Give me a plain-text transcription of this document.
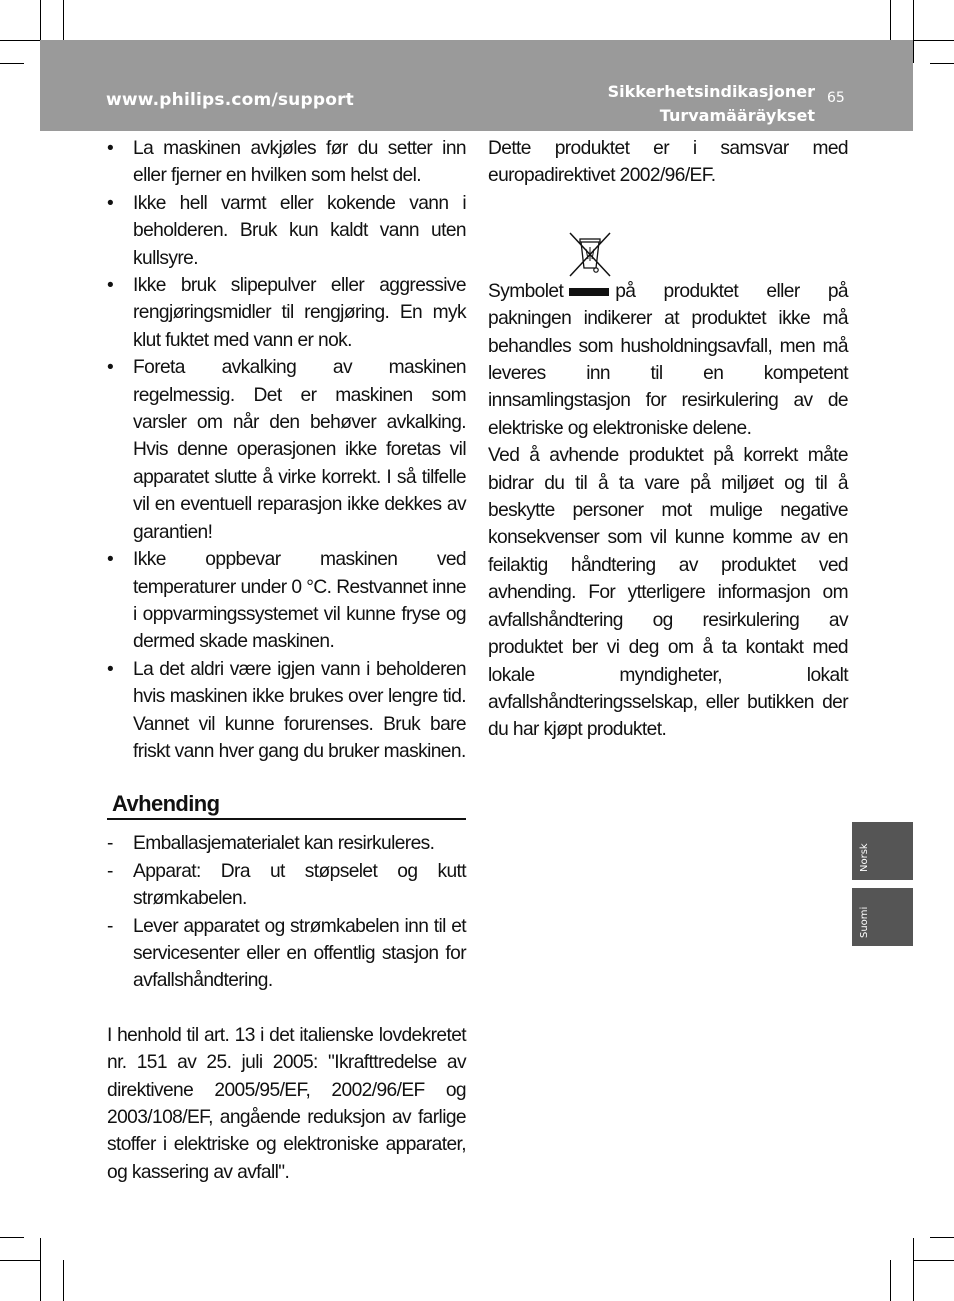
www.philips.com/support	Sikkerhetsindikasjoner
Turvamääräykset
65
• La maskinen avkjøles før du setter inn eller fjerner en hvilken som helst del.
• Ikke hell varmt eller kokende vann i beholderen. Bruk kun kaldt vann uten kullsyre.
• Ikke bruk slipepulver eller aggressive rengjøringsmidler til rengjøring. En myk klut fuktet med vann er nok.
• Foreta avkalking av maskinen regelmessig. Det er maskinen som varsler om når den behøver avkalking. Hvis denne operasjonen ikke foretas vil apparatet slutte å virke korrekt. I så tilfelle vil en eventuell reparasjon ikke dekkes av garantien!
• Ikke oppbevar maskinen ved temperaturer under 0 °C. Restvannet inne i oppvarmingssystemet vil kunne fryse og dermed skade maskinen.
• La det aldri være igjen vann i beholderen hvis maskinen ikke brukes over lengre tid. Vannet vil kunne forurenses. Bruk bare friskt vann hver gang du bruker maskinen.
Avhending
- Emballasjematerialet kan resirkuleres.
- Apparat: Dra ut støpselet og kutt strømkabelen.
- Lever apparatet og strømkabelen inn til et servicesenter eller en offentlig stasjon for avfallshåndtering.

I henhold til art. 13 i det italienske lovdekretet nr. 151 av 25. juli 2005: "Ikrafttredelse av direktivene 2005/95/EF, 2002/96/EF og 2003/108/EF, angående reduksjon av farlige stoffer i elektriske og elektroniske apparater, og kassering av avfall".

Dette produktet er i samsvar med europadirektivet 2002/96/EF.

Symbolet	på produktet eller på pakningen indikerer at produktet ikke må behandles som husholdningsavfall, men må leveres inn til en kompetent innsamlingstasjon for resirkulering av de elektriske og elektroniske delene.

Ved å avhende produktet på korrekt måte bidrar du til å ta vare på miljøet og til å beskytte personer mot mulige negative konsekvenser som vil kunne komme av en feilaktig håndtering av produktet ved avhending. For ytterligere informasjon om avfallshåndtering og resirkulering av produktet ber vi deg om å ta kontakt med lokale myndigheter, lokalt avfallshåndteringsselskap, eller butikken der du har kjøpt produktet.

Norsk
Suomi
